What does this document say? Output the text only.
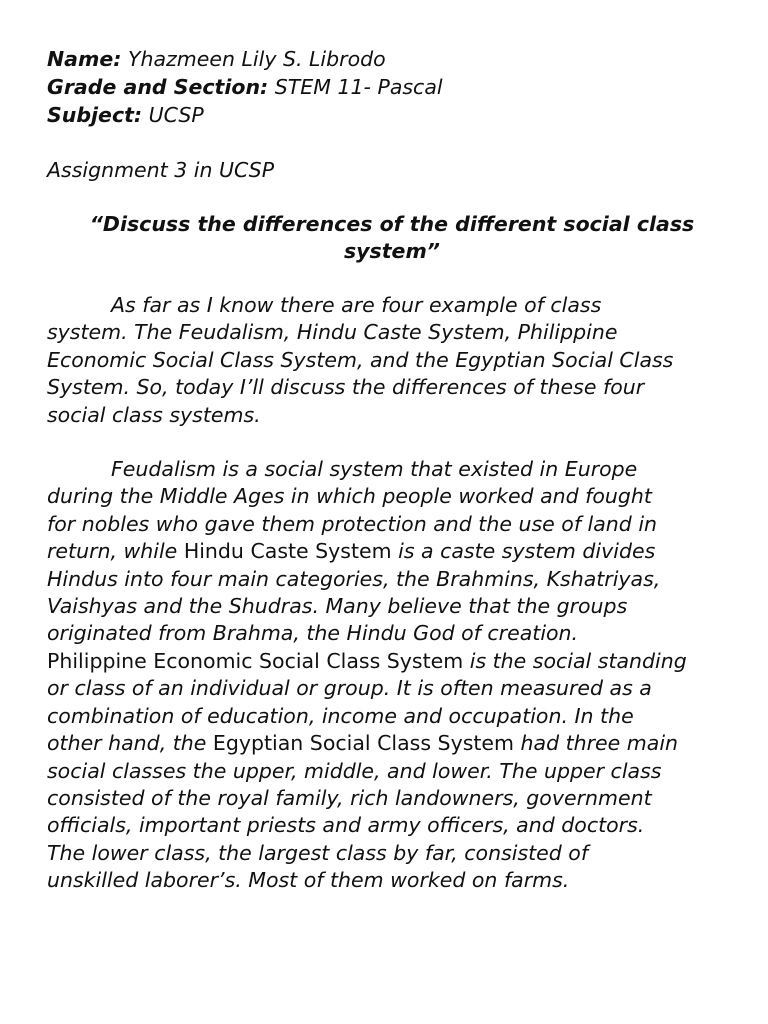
Name: Yhazmeen Lily S. Librodo
Grade and Section: STEM 11- Pascal
Subject: UCSP
Assignment 3 in UCSP
“Discuss the differences of the different social class
system”
As far as I know there are four example of class
system. The Feudalism, Hindu Caste System, Philippine
Economic Social Class System, and the Egyptian Social Class
System. So, today I’ll discuss the differences of these four
social class systems.
Feudalism is a social system that existed in Europe
during the Middle Ages in which people worked and fought
for nobles who gave them protection and the use of land in
return, while Hindu Caste System is a caste system divides
Hindus into four main categories, the Brahmins, Kshatriyas,
Vaishyas and the Shudras. Many believe that the groups
originated from Brahma, the Hindu God of creation.
Philippine Economic Social Class System is the social standing
or class of an individual or group. It is often measured as a
combination of education, income and occupation. In the
other hand, the Egyptian Social Class System had three main
social classes the upper, middle, and lower. The upper class
consisted of the royal family, rich landowners, government
officials, important priests and army officers, and doctors.
The lower class, the largest class by far, consisted of
unskilled laborer’s. Most of them worked on farms.
